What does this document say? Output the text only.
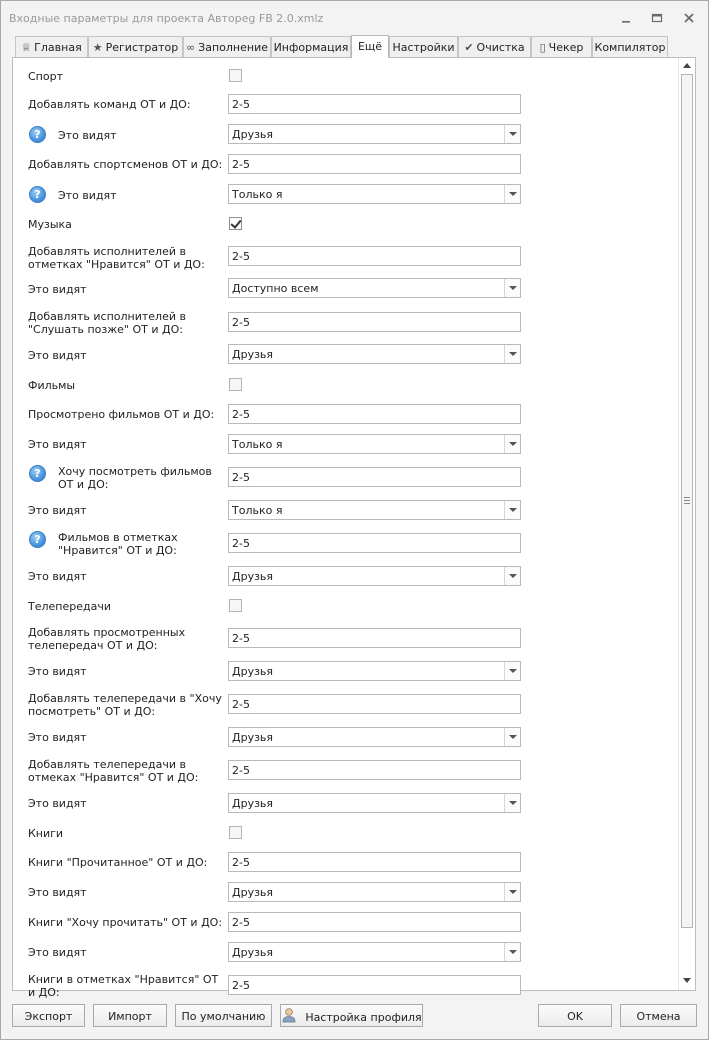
Входные параметры для проекта Автореg FB 2.0.xmlz
♕ Главная	★ Регистратор ∞ Заполнение Информация Ещё Настройки ✔ Очистка	▯ Чекер	Компилятор
Спорт
Добавлять команд ОТ и ДО:	2-5
?	Это видят	Друзья
Добавлять спортсменов ОТ и ДО: 2-5
?	Это видят	Только я
Музыка
Добавлять исполнителей в отметках "Нравится" ОТ и ДО:
2-5
Это видят	Доступно всем
Добавлять исполнителей в "Слушать позже" ОТ и ДО:
2-5
Это видят	Друзья
Фильмы
Просмотрено фильмов ОТ и ДО:	2-5
Это видят	Только я
?	Хочу посмотреть фильмов ОТ и ДО:
2-5
Это видят	Только я
?	Фильмов в отметках "Нравится" ОТ и ДО:
2-5
Это видят	Друзья
Телепередачи
Добавлять просмотренных телепередач ОТ и ДО:
2-5
Это видят	Друзья
Добавлять телепередачи в "Хочу посмотреть" ОТ и ДО:
2-5
Это видят	Друзья
Добавлять телепередачи в отмеках "Нравится" ОТ и ДО:
2-5
Это видят	Друзья
Книги
Книги "Прочитанное" ОТ и ДО:	2-5
Это видят	Друзья
Книги "Хочу прочитать" ОТ и ДО: 2-5
Это видят	Друзья
Книги в отметках "Нравится" ОТ и ДО:
2-5
Экспорт	Импорт	По умолчанию	Настройка профиля	OK	Отмена
